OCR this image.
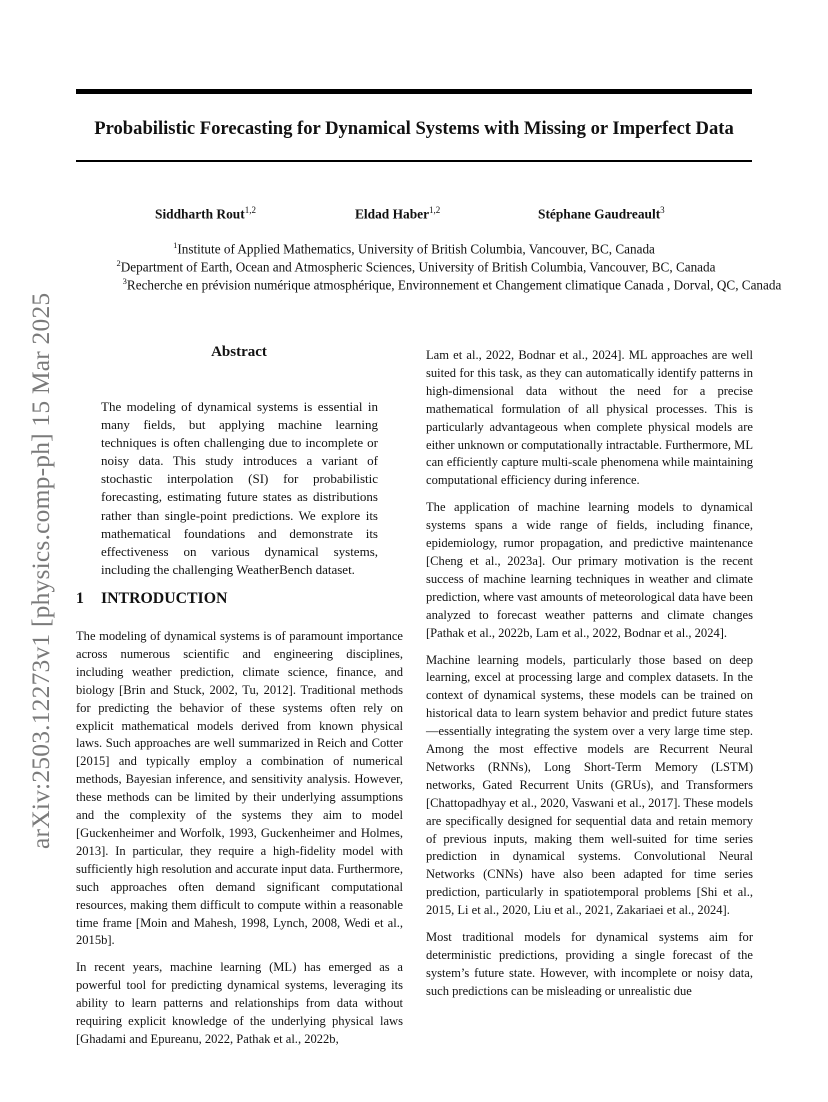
Probabilistic Forecasting for Dynamical Systems with Missing or Imperfect Data
Siddharth Rout$^{1,2}$	Eldad Haber$^{1,2}$	Stéphane Gaudreault$^3$
$^1$Institute of Applied Mathematics, University of British Columbia, Vancouver, BC, Canada
$^2$Department of Earth, Ocean and Atmospheric Sciences, University of British Columbia, Vancouver, BC, Canada
$^3$Recherche en prévision numérique atmosphérique, Environnement et Changement climatique Canada , Dorval, QC, Canada
arXiv:2503.12273v1 [physics.comp-ph] 15 Mar 2025	Abstract

The modeling of dynamical systems is essential in many fields, but applying machine learning techniques is often challenging due to incomplete or noisy data. This study introduces a variant of stochastic interpolation (SI) for probabilistic forecasting, estimating future states as distributions rather than single-point predictions. We explore its mathematical foundations and demonstrate its effectiveness on various dynamical systems, including the challenging WeatherBench dataset.

1 INTRODUCTION

The modeling of dynamical systems is of paramount importance across numerous scientific and engineering disciplines, including weather prediction, climate science, finance, and biology [Brin and Stuck, 2002, Tu, 2012]. Traditional methods for predicting the behavior of these systems often rely on explicit mathematical models derived from known physical laws. Such approaches are well summarized in Reich and Cotter [2015] and typically employ a combination of numerical methods, Bayesian inference, and sensitivity analysis. However, these methods can be limited by their underlying assumptions and the complexity of the systems they aim to model [Guckenheimer and Worfolk, 1993, Guckenheimer and Holmes, 2013]. In particular, they require a high-fidelity model with sufficiently high resolution and accurate input data. Furthermore, such approaches often demand significant computational resources, making them difficult to compute within a reasonable time frame [Moin and Mahesh, 1998, Lynch, 2008, Wedi et al., 2015b].

In recent years, machine learning (ML) has emerged as a powerful tool for predicting dynamical systems, leveraging its ability to learn patterns and relationships from data without requiring explicit knowledge of the underlying physical laws [Ghadami and Epureanu, 2022, Pathak et al., 2022b,

Lam et al., 2022, Bodnar et al., 2024]. ML approaches are well suited for this task, as they can automatically identify patterns in high-dimensional data without the need for a precise mathematical formulation of all physical processes. This is particularly advantageous when complete physical models are either unknown or computationally intractable. Furthermore, ML can efficiently capture multi-scale phenomena while maintaining computational efficiency during inference.

The application of machine learning models to dynamical systems spans a wide range of fields, including finance, epidemiology, rumor propagation, and predictive maintenance [Cheng et al., 2023a]. Our primary motivation is the recent success of machine learning techniques in weather and climate prediction, where vast amounts of meteorological data have been analyzed to forecast weather patterns and climate changes [Pathak et al., 2022b, Lam et al., 2022, Bodnar et al., 2024].

Machine learning models, particularly those based on deep learning, excel at processing large and complex datasets. In the context of dynamical systems, these models can be trained on historical data to learn system behavior and predict future states—essentially integrating the system over a very large time step. Among the most effective models are Recurrent Neural Networks (RNNs), Long Short-Term Memory (LSTM) networks, Gated Recurrent Units (GRUs), and Transformers [Chattopadhyay et al., 2020, Vaswani et al., 2017]. These models are specifically designed for sequential data and retain memory of previous inputs, making them well-suited for time series prediction in dynamical systems. Convolutional Neural Networks (CNNs) have also been adapted for time series prediction, particularly in spatiotemporal problems [Shi et al., 2015, Li et al., 2020, Liu et al., 2021, Zakariaei et al., 2024].

Most traditional models for dynamical systems aim for deterministic predictions, providing a single forecast of the system’s future state. However, with incomplete or noisy data, such predictions can be misleading or unrealistic due
